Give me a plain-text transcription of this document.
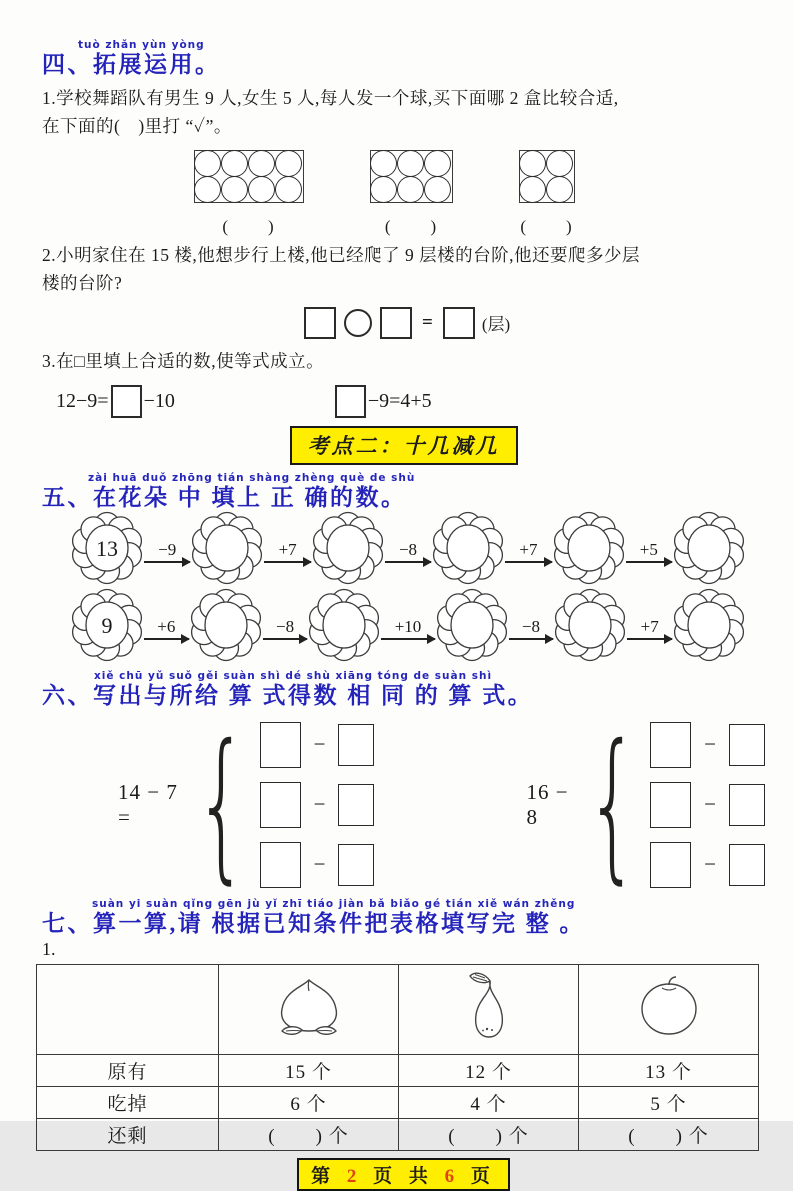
tuò zhǎn yùn yòng
四、拓展运用。
1.学校舞蹈队有男生 9 人,女生 5 人,每人发一个球,买下面哪 2 盒比较合适,
在下面的(　)里打 “✓”。
(　　)	(　　)	(　　)
2.小明家住在 15 楼,他想步行上楼,他已经爬了 9 层楼的台阶,他还要爬多少层
楼的台阶?
=	(层)
3.在□里填上合适的数,使等式成立。
12−9= −10	−9=4+5
考点二：十几减几
zài huā duǒ zhōng tián shàng zhèng què de shù
五、在花朵 中 填上 正 确的数。
13 −9	+7	−8	+7	+5
9	+6	−8	+10	−8	+7
xiě chū yǔ suǒ gěi suàn shì dé shù xiāng tóng de suàn shì
六、写出与所给 算 式得数 相 同 的 算 式。
14 − 7 = {	−
−
−
16 − 8 {	−
−
−
suàn yi suàn qǐng gēn jù yǐ zhī tiáo jiàn bǎ biǎo gé tián xiě wán zhěng
七、算一算,请 根据已知条件把表格填写完 整 。
1.

原有	15 个	12 个	13 个
吃掉	6 个	4 个	5 个
还剩	(　　) 个	(　　) 个	(　　) 个
第 2 页 共 6 页
